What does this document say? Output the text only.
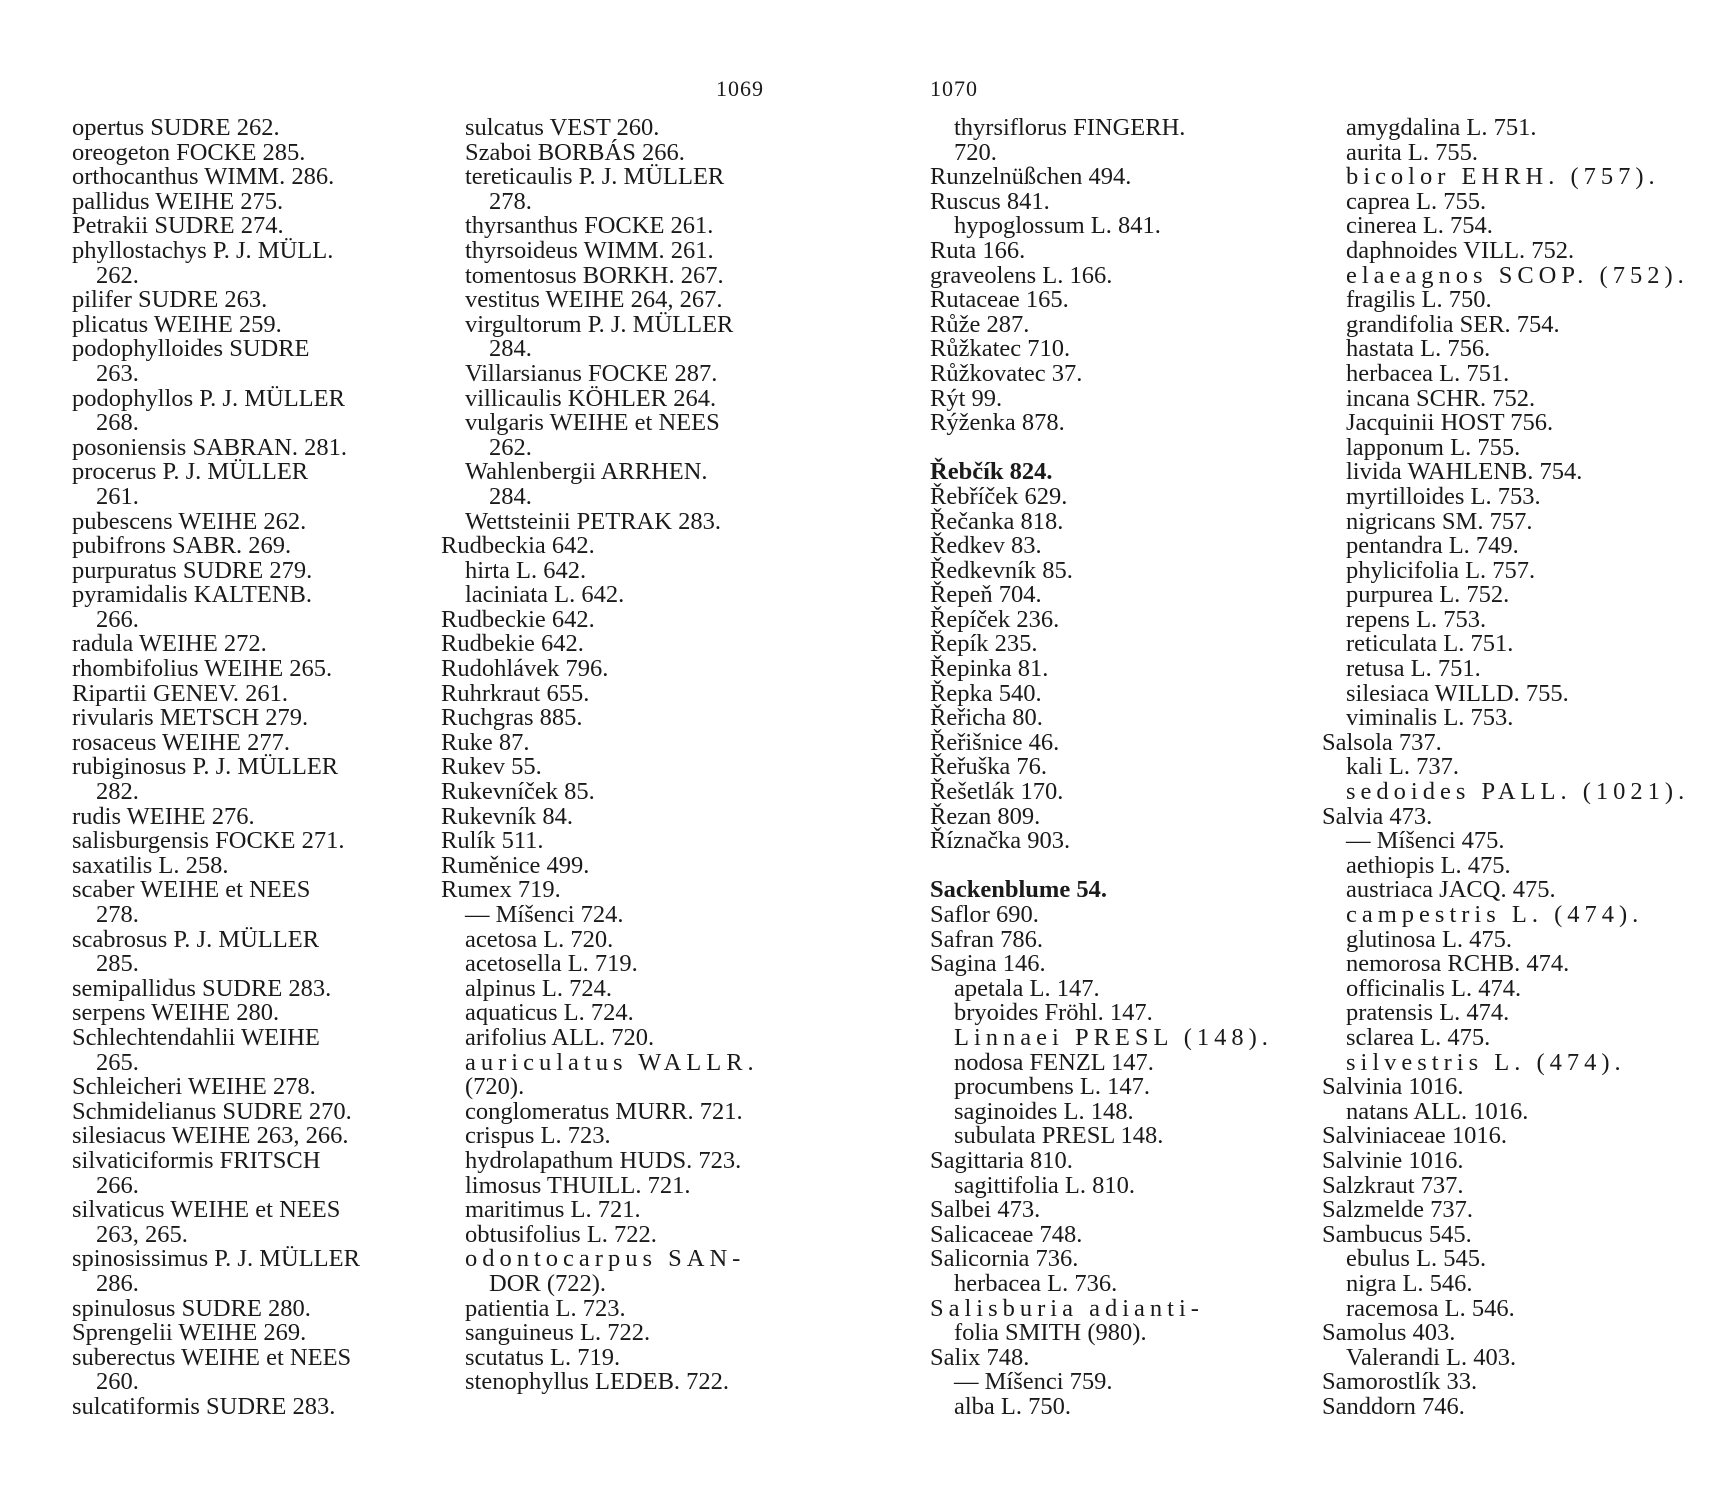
1069	1070
opertus SUDRE 262.
oreogeton FOCKE 285.
orthocanthus WIMM. 286.
pallidus WEIHE 275.
Petrakii SUDRE 274.
phyllostachys P. J. MÜLL.
262.
pilifer SUDRE 263.
plicatus WEIHE 259.
podophylloides SUDRE
263.
podophyllos P. J. MÜLLER
268.
posoniensis SABRAN. 281.
procerus P. J. MÜLLER
261.
pubescens WEIHE 262.
pubifrons SABR. 269.
purpuratus SUDRE 279.
pyramidalis KALTENB.
266.
radula WEIHE 272.
rhombifolius WEIHE 265.
Ripartii GENEV. 261.
rivularis METSCH 279.
rosaceus WEIHE 277.
rubiginosus P. J. MÜLLER
282.
rudis WEIHE 276.
salisburgensis FOCKE 271.
saxatilis L. 258.
scaber WEIHE et NEES
278.
scabrosus P. J. MÜLLER
285.
semipallidus SUDRE 283.
serpens WEIHE 280.
Schlechtendahlii WEIHE
265.
Schleicheri WEIHE 278.
Schmidelianus SUDRE 270.
silesiacus WEIHE 263, 266.
silvaticiformis FRITSCH
266.
silvaticus WEIHE et NEES
263, 265.
spinosissimus P. J. MÜLLER
286.
spinulosus SUDRE 280.
Sprengelii WEIHE 269.
suberectus WEIHE et NEES
260.
sulcatiformis SUDRE 283.
sulcatus VEST 260.
Szaboi BORBÁS 266.
tereticaulis P. J. MÜLLER
278.
thyrsanthus FOCKE 261.
thyrsoideus WIMM. 261.
tomentosus BORKH. 267.
vestitus WEIHE 264, 267.
virgultorum P. J. MÜLLER
284.
Villarsianus FOCKE 287.
villicaulis KÖHLER 264.
vulgaris WEIHE et NEES
262.
Wahlenbergii ARRHEN.
284.
Wettsteinii PETRAK 283.
Rudbeckia 642.
hirta L. 642.
laciniata L. 642.
Rudbeckie 642.
Rudbekie 642.
Rudohlávek 796.
Ruhrkraut 655.
Ruchgras 885.
Ruke 87.
Rukev 55.
Rukevníček 85.
Rukevník 84.
Rulík 511.
Ruměnice 499.
Rumex 719.
— Míšenci 724.
acetosa L. 720.
acetosella L. 719.
alpinus L. 724.
aquaticus L. 724.
arifolius ALL. 720.
auriculatus WALLR.
(720).
conglomeratus MURR. 721.
crispus L. 723.
hydrolapathum HUDS. 723.
limosus THUILL. 721.
maritimus L. 721.
obtusifolius L. 722.
odontocarpus SAN-
DOR (722).
patientia L. 723.
sanguineus L. 722.
scutatus L. 719.
stenophyllus LEDEB. 722.
thyrsiflorus FINGERH.
720.
Runzelnüßchen 494.
Ruscus 841.
hypoglossum L. 841.
Ruta 166.
graveolens L. 166.
Rutaceae 165.
Růže 287.
Růžkatec 710.
Růžkovatec 37.
Rýt 99.
Rýženka 878.
Řebčík 824.
Řebříček 629.
Řečanka 818.
Ředkev 83.
Ředkevník 85.
Řepeň 704.
Řepíček 236.
Řepík 235.
Řepinka 81.
Řepka 540.
Řeřicha 80.
Řeřišnice 46.
Řeřuška 76.
Řešetlák 170.
Řezan 809.
Říznačka 903.
Sackenblume 54.
Saflor 690.
Safran 786.
Sagina 146.
apetala L. 147.
bryoides Fröhl. 147.
Linnaei PRESL (148).
nodosa FENZL 147.
procumbens L. 147.
saginoides L. 148.
subulata PRESL 148.
Sagittaria 810.
sagittifolia L. 810.
Salbei 473.
Salicaceae 748.
Salicornia 736.
herbacea L. 736.
Salisburia adianti-
folia SMITH (980).
Salix 748.
— Míšenci 759.
alba L. 750.
amygdalina L. 751.
aurita L. 755.
bicolor EHRH. (757).
caprea L. 755.
cinerea L. 754.
daphnoides VILL. 752.
elaeagnos SCOP. (752).
fragilis L. 750.
grandifolia SER. 754.
hastata L. 756.
herbacea L. 751.
incana SCHR. 752.
Jacquinii HOST 756.
lapponum L. 755.
livida WAHLENB. 754.
myrtilloides L. 753.
nigricans SM. 757.
pentandra L. 749.
phylicifolia L. 757.
purpurea L. 752.
repens L. 753.
reticulata L. 751.
retusa L. 751.
silesiaca WILLD. 755.
viminalis L. 753.
Salsola 737.
kali L. 737.
sedoides PALL. (1021).
Salvia 473.
— Míšenci 475.
aethiopis L. 475.
austriaca JACQ. 475.
campestris L. (474).
glutinosa L. 475.
nemorosa RCHB. 474.
officinalis L. 474.
pratensis L. 474.
sclarea L. 475.
silvestris L. (474).
Salvinia 1016.
natans ALL. 1016.
Salviniaceae 1016.
Salvinie 1016.
Salzkraut 737.
Salzmelde 737.
Sambucus 545.
ebulus L. 545.
nigra L. 546.
racemosa L. 546.
Samolus 403.
Valerandi L. 403.
Samorostlík 33.
Sanddorn 746.
